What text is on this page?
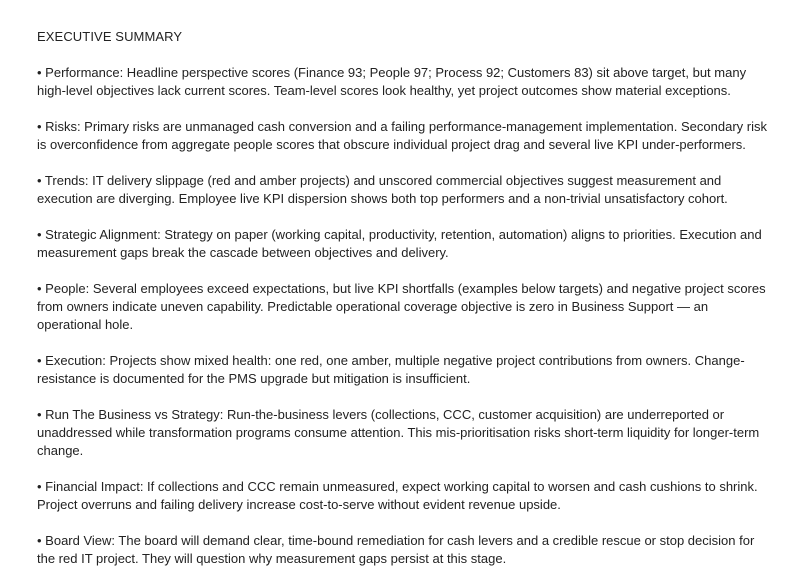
EXECUTIVE SUMMARY

• Performance: Headline perspective scores (Finance 93; People 97; Process 92; Customers 83) sit above target, but many high-level objectives lack current scores. Team-level scores look healthy, yet project outcomes show material exceptions.

• Risks: Primary risks are unmanaged cash conversion and a failing performance-management implementation. Secondary risk is overconfidence from aggregate people scores that obscure individual project drag and several live KPI under-performers.

• Trends: IT delivery slippage (red and amber projects) and unscored commercial objectives suggest measurement and execution are diverging. Employee live KPI dispersion shows both top performers and a non-trivial unsatisfactory cohort.

• Strategic Alignment: Strategy on paper (working capital, productivity, retention, automation) aligns to priorities. Execution and measurement gaps break the cascade between objectives and delivery.

• People: Several employees exceed expectations, but live KPI shortfalls (examples below targets) and negative project scores from owners indicate uneven capability. Predictable operational coverage objective is zero in Business Support — an operational hole.

• Execution: Projects show mixed health: one red, one amber, multiple negative project contributions from owners. Change-resistance is documented for the PMS upgrade but mitigation is insufficient.

• Run The Business vs Strategy: Run-the-business levers (collections, CCC, customer acquisition) are underreported or unaddressed while transformation programs consume attention. This mis-prioritisation risks short-term liquidity for longer-term change.

• Financial Impact: If collections and CCC remain unmeasured, expect working capital to worsen and cash cushions to shrink. Project overruns and failing delivery increase cost-to-serve without evident revenue upside.

• Board View: The board will demand clear, time-bound remediation for cash levers and a credible rescue or stop decision for the red IT project. They will question why measurement gaps persist at this stage.
